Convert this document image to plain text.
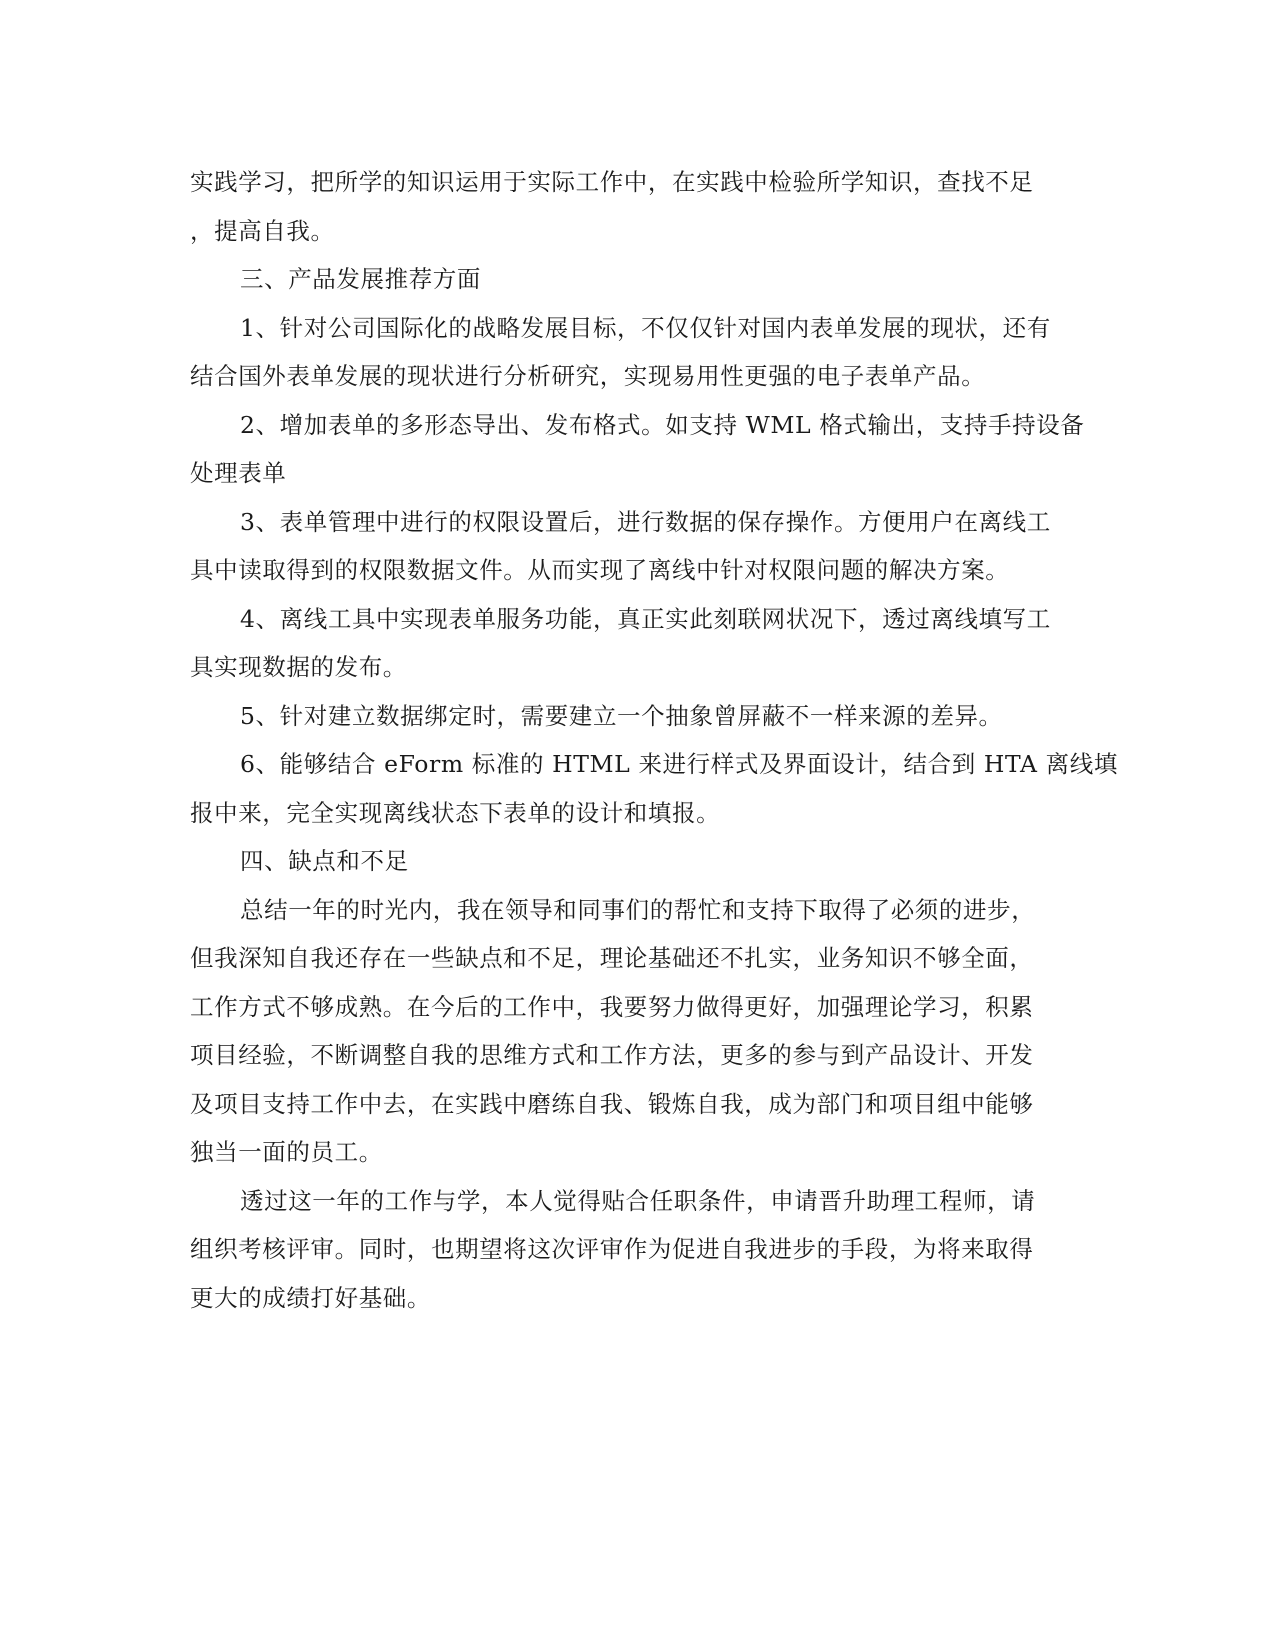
实践学习，把所学的知识运用于实际工作中，在实践中检验所学知识，查找不足
，提高自我。
三、产品发展推荐方面
1、针对公司国际化的战略发展目标，不仅仅针对国内表单发展的现状，还有
结合国外表单发展的现状进行分析研究，实现易用性更强的电子表单产品。
2、增加表单的多形态导出、发布格式。如支持 WML 格式输出，支持手持设备
处理表单
3、表单管理中进行的权限设置后，进行数据的保存操作。方便用户在离线工
具中读取得到的权限数据文件。从而实现了离线中针对权限问题的解决方案。
4、离线工具中实现表单服务功能，真正实此刻联网状况下，透过离线填写工
具实现数据的发布。
5、针对建立数据绑定时，需要建立一个抽象曾屏蔽不一样来源的差异。
6、能够结合 eForm 标准的 HTML 来进行样式及界面设计，结合到 HTA 离线填
报中来，完全实现离线状态下表单的设计和填报。
四、缺点和不足
总结一年的时光内，我在领导和同事们的帮忙和支持下取得了必须的进步，
但我深知自我还存在一些缺点和不足，理论基础还不扎实，业务知识不够全面，
工作方式不够成熟。在今后的工作中，我要努力做得更好，加强理论学习，积累
项目经验，不断调整自我的思维方式和工作方法，更多的参与到产品设计、开发
及项目支持工作中去，在实践中磨练自我、锻炼自我，成为部门和项目组中能够
独当一面的员工。
透过这一年的工作与学，本人觉得贴合任职条件，申请晋升助理工程师，请
组织考核评审。同时，也期望将这次评审作为促进自我进步的手段，为将来取得
更大的成绩打好基础。
